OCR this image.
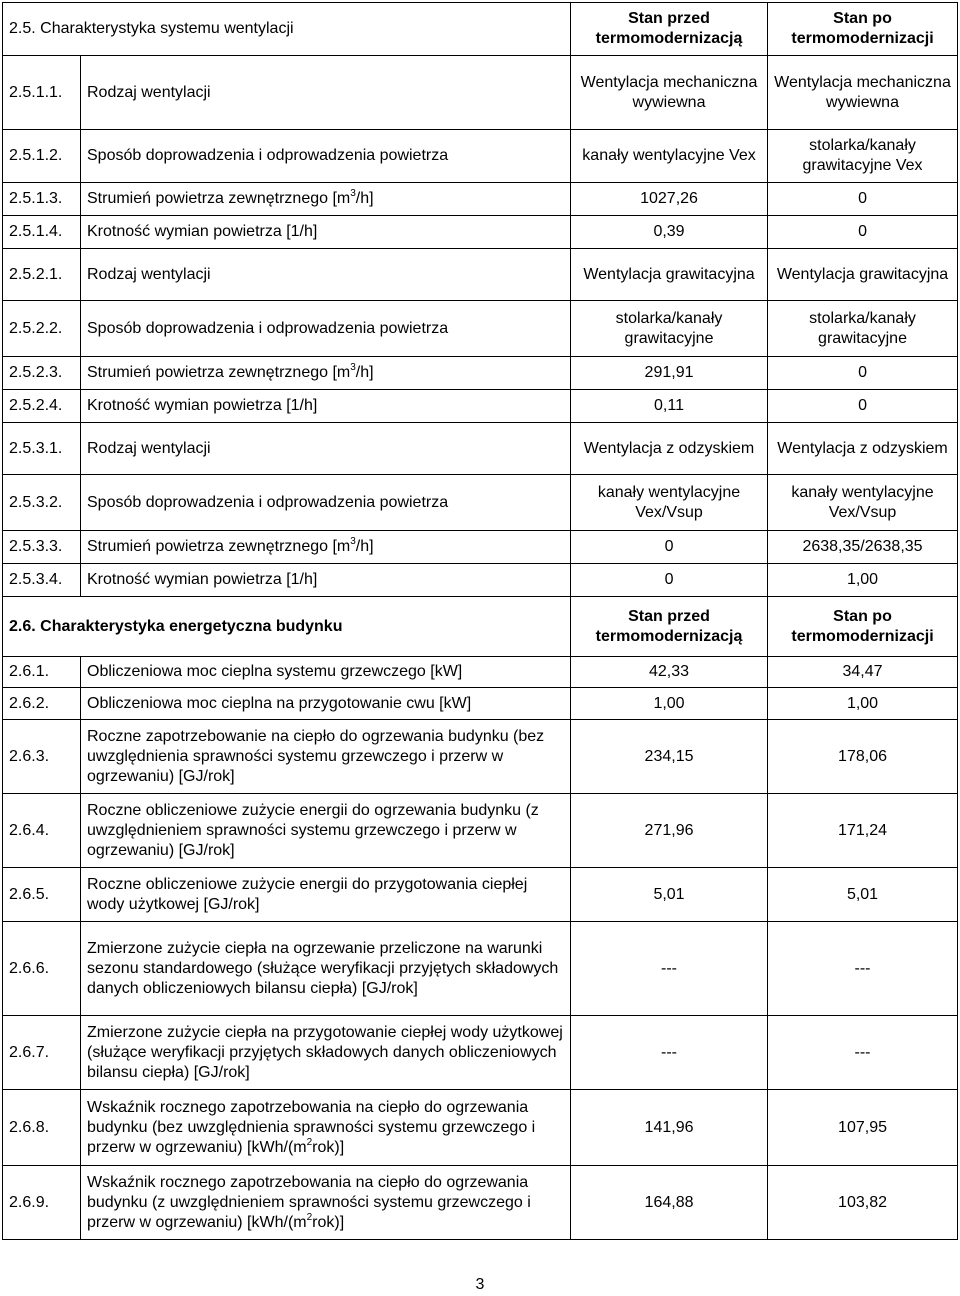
2.5. Charakterystyka systemu wentylacji		Stan przed termomodernizacją	Stan po termomodernizacji
2.5.1.1.	Rodzaj wentylacji	Wentylacja mechaniczna wywiewna	Wentylacja mechaniczna wywiewna
2.5.1.2.	Sposób doprowadzenia i odprowadzenia powietrza	kanały wentylacyjne Vex	stolarka/kanały grawitacyjne Vex
2.5.1.3.	Strumień powietrza zewnętrznego $[m^3/h]$	1027,26	0
2.5.1.4.	Krotność wymian powietrza [1/h]	0,39	0
2.5.2.1.	Rodzaj wentylacji	Wentylacja grawitacyjna	Wentylacja grawitacyjna
2.5.2.2.	Sposób doprowadzenia i odprowadzenia powietrza	stolarka/kanały grawitacyjne	stolarka/kanały grawitacyjne
2.5.2.3.	Strumień powietrza zewnętrznego $[m^3/h]$	291,91	0
2.5.2.4.	Krotność wymian powietrza [1/h]	0,11	0
2.5.3.1.	Rodzaj wentylacji	Wentylacja z odzyskiem	Wentylacja z odzyskiem
2.5.3.2.	Sposób doprowadzenia i odprowadzenia powietrza	kanały wentylacyjne Vex/Vsup	kanały wentylacyjne Vex/Vsup
2.5.3.3.	Strumień powietrza zewnętrznego $[m^3/h]$	0	2638,35/2638,35
2.5.3.4.	Krotność wymian powietrza [1/h]	0	1,00
2.6. Charakterystyka energetyczna budynku		Stan przed termomodernizacją	Stan po termomodernizacji
2.6.1.	Obliczeniowa moc cieplna systemu grzewczego [kW]	42,33	34,47
2.6.2.	Obliczeniowa moc cieplna na przygotowanie cwu [kW]	1,00	1,00
2.6.3.	Roczne zapotrzebowanie na ciepło do ogrzewania budynku (bez uwzględnienia sprawności systemu grzewczego i przerw w ogrzewaniu) [GJ/rok]	234,15	178,06
2.6.4.	Roczne obliczeniowe zużycie energii do ogrzewania budynku (z uwzględnieniem sprawności systemu grzewczego i przerw w ogrzewaniu) [GJ/rok]	271,96	171,24
2.6.5.	Roczne obliczeniowe zużycie energii do przygotowania ciepłej wody użytkowej [GJ/rok]	5,01	5,01
2.6.6.	Zmierzone zużycie ciepła na ogrzewanie przeliczone na warunki sezonu standardowego (służące weryfikacji przyjętych składowych danych obliczeniowych bilansu ciepła) [GJ/rok]	---	---
2.6.7.	Zmierzone zużycie ciepła na przygotowanie ciepłej wody użytkowej (służące weryfikacji przyjętych składowych danych obliczeniowych bilansu ciepła) [GJ/rok]	---	---
2.6.8.	Wskaźnik rocznego zapotrzebowania na ciepło do ogrzewania budynku (bez uwzględnienia sprawności systemu grzewczego i przerw w ogrzewaniu) $[kWh/(m^2rok)]$	141,96	107,95
2.6.9.	Wskaźnik rocznego zapotrzebowania na ciepło do ogrzewania budynku (z uwzględnieniem sprawności systemu grzewczego i przerw w ogrzewaniu) $[kWh/(m^2rok)]$	164,88	103,82
3
